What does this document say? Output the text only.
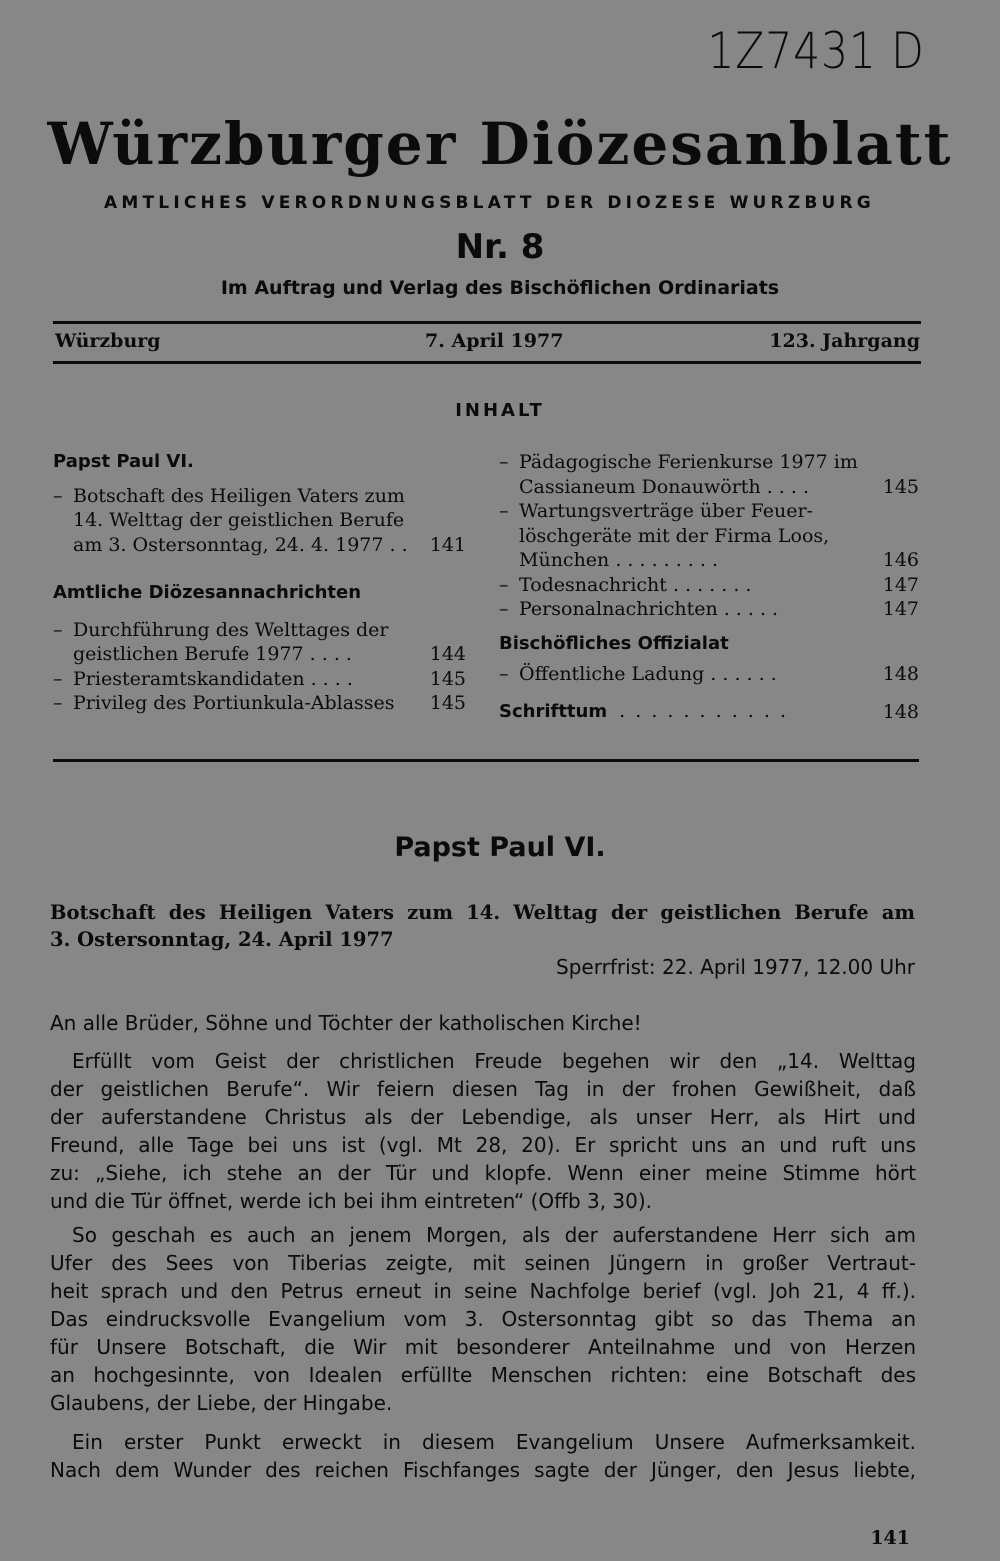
1Z7431 D
Würzburger Diözesanblatt
AMTLICHES VERORDNUNGSBLATT DER DIOZESE WURZBURG
Nr. 8
Im Auftrag und Verlag des Bischöflichen Ordinariats
Würzburg	7. April 1977	123. Jahrgang
INHALT
Papst Paul VI.
– Botschaft des Heiligen Vaters zum
14. Welttag der geistlichen Berufe
am 3. Ostersonntag, 24. 4. 1977 . .	141
Amtliche Diözesannachrichten
– Durchführung des Welttages der
geistlichen Berufe 1977 . . . .	144
– Priesteramtskandidaten . . . .	145
– Privileg des Portiunkula-Ablasses	145
– Pädagogische Ferienkurse 1977 im
Cassianeum Donauwörth . . . .	145
– Wartungsverträge über Feuer-
löschgeräte mit der Firma Loos,
München . . . . . . . . .	146
– Todesnachricht . . . . . . .	147
– Personalnachrichten . . . . .	147
Bischöfliches Offizialat
– Öffentliche Ladung . . . . . .	148
Schrifttum . . . . . . . . . . .	148
Papst Paul VI.
Botschaft des Heiligen Vaters zum 14. Welttag der geistlichen Berufe am
3. Ostersonntag, 24. April 1977
Sperrfrist: 22. April 1977, 12.00 Uhr
An alle Brüder, Söhne und Töchter der katholischen Kirche!
Erfüllt vom Geist der christlichen Freude begehen wir den „14. Welttag
der geistlichen Berufe“. Wir feiern diesen Tag in der frohen Gewißheit, daß
der auferstandene Christus als der Lebendige, als unser Herr, als Hirt und
Freund, alle Tage bei uns ist (vgl. Mt 28, 20). Er spricht uns an und ruft uns
zu: „Siehe, ich stehe an der Tür und klopfe. Wenn einer meine Stimme hört
und die Tür öffnet, werde ich bei ihm eintreten“ (Offb 3, 30).
So geschah es auch an jenem Morgen, als der auferstandene Herr sich am
Ufer des Sees von Tiberias zeigte, mit seinen Jüngern in großer Vertraut-
heit sprach und den Petrus erneut in seine Nachfolge berief (vgl. Joh 21, 4 ff.).
Das eindrucksvolle Evangelium vom 3. Ostersonntag gibt so das Thema an
für Unsere Botschaft, die Wir mit besonderer Anteilnahme und von Herzen
an hochgesinnte, von Idealen erfüllte Menschen richten: eine Botschaft des
Glaubens, der Liebe, der Hingabe.
Ein erster Punkt erweckt in diesem Evangelium Unsere Aufmerksamkeit.
Nach dem Wunder des reichen Fischfanges sagte der Jünger, den Jesus liebte,
141
